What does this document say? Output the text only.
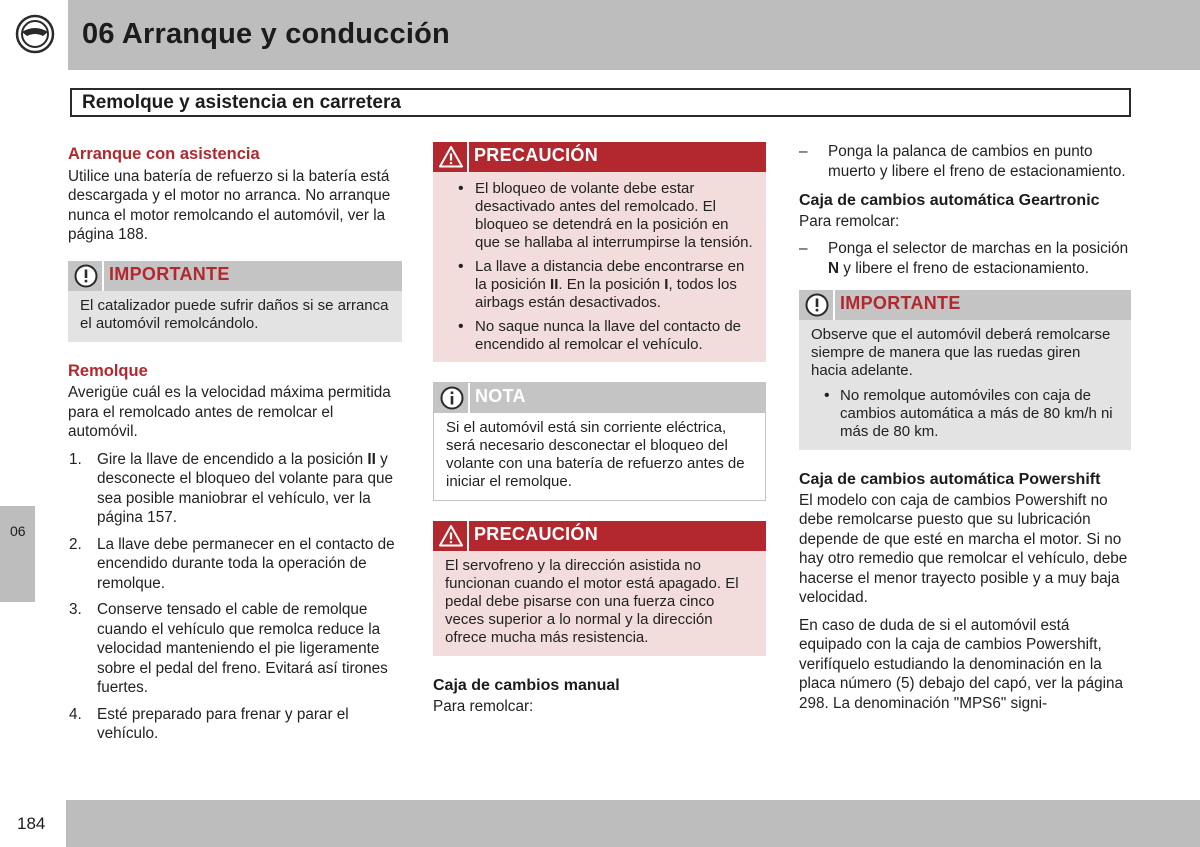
06 Arranque y conducción
Remolque y asistencia en carretera
06
184
Arranque con asistencia

Utilice una batería de refuerzo si la batería está descargada y el motor no arranca. No arranque nunca el motor remolcando el automóvil, ver la página 188.

IMPORTANTE
El catalizador puede sufrir daños si se arranca el automóvil remolcándolo.
Remolque

Averigüe cuál es la velocidad máxima permitida para el remolcado antes de remolcar el automóvil.

1. Gire la llave de encendido a la posición II y desconecte el bloqueo del volante para que sea posible maniobrar el vehículo, ver la página 157.
2. La llave debe permanecer en el contacto de encendido durante toda la operación de remolque.
3. Conserve tensado el cable de remolque cuando el vehículo que remolca reduce la velocidad manteniendo el pie ligeramente sobre el pedal del freno. Evitará así tirones fuertes.
4. Esté preparado para frenar y parar el vehículo.
PRECAUCIÓN
• El bloqueo de volante debe estar desactivado antes del remolcado. El bloqueo se detendrá en la posición en que se hallaba al interrumpirse la tensión.
• La llave a distancia debe encontrarse en la posición II. En la posición I, todos los airbags están desactivados.
• No saque nunca la llave del contacto de encendido al remolcar el vehículo.
NOTA
Si el automóvil está sin corriente eléctrica, será necesario desconectar el bloqueo del volante con una batería de refuerzo antes de iniciar el remolque.
PRECAUCIÓN
El servofreno y la dirección asistida no funcionan cuando el motor está apagado. El pedal debe pisarse con una fuerza cinco veces superior a lo normal y la dirección ofrece mucha más resistencia.
Caja de cambios manual

Para remolcar:

– Ponga la palanca de cambios en punto muerto y libere el freno de estacionamiento.
Caja de cambios automática Geartronic

Para remolcar:

– Ponga el selector de marchas en la posición N y libere el freno de estacionamiento.
IMPORTANTE
Observe que el automóvil deberá remolcarse siempre de manera que las ruedas giren hacia adelante.
• No remolque automóviles con caja de cambios automática a más de 80 km/h ni más de 80 km.
Caja de cambios automática Powershift

El modelo con caja de cambios Powershift no debe remolcarse puesto que su lubricación depende de que esté en marcha el motor. Si no hay otro remedio que remolcar el vehículo, debe hacerse el menor trayecto posible y a muy baja velocidad.

En caso de duda de si el automóvil está equipado con la caja de cambios Powershift, verifíquelo estudiando la denominación en la placa número (5) debajo del capó, ver la página 298. La denominación "MPS6" signi-
